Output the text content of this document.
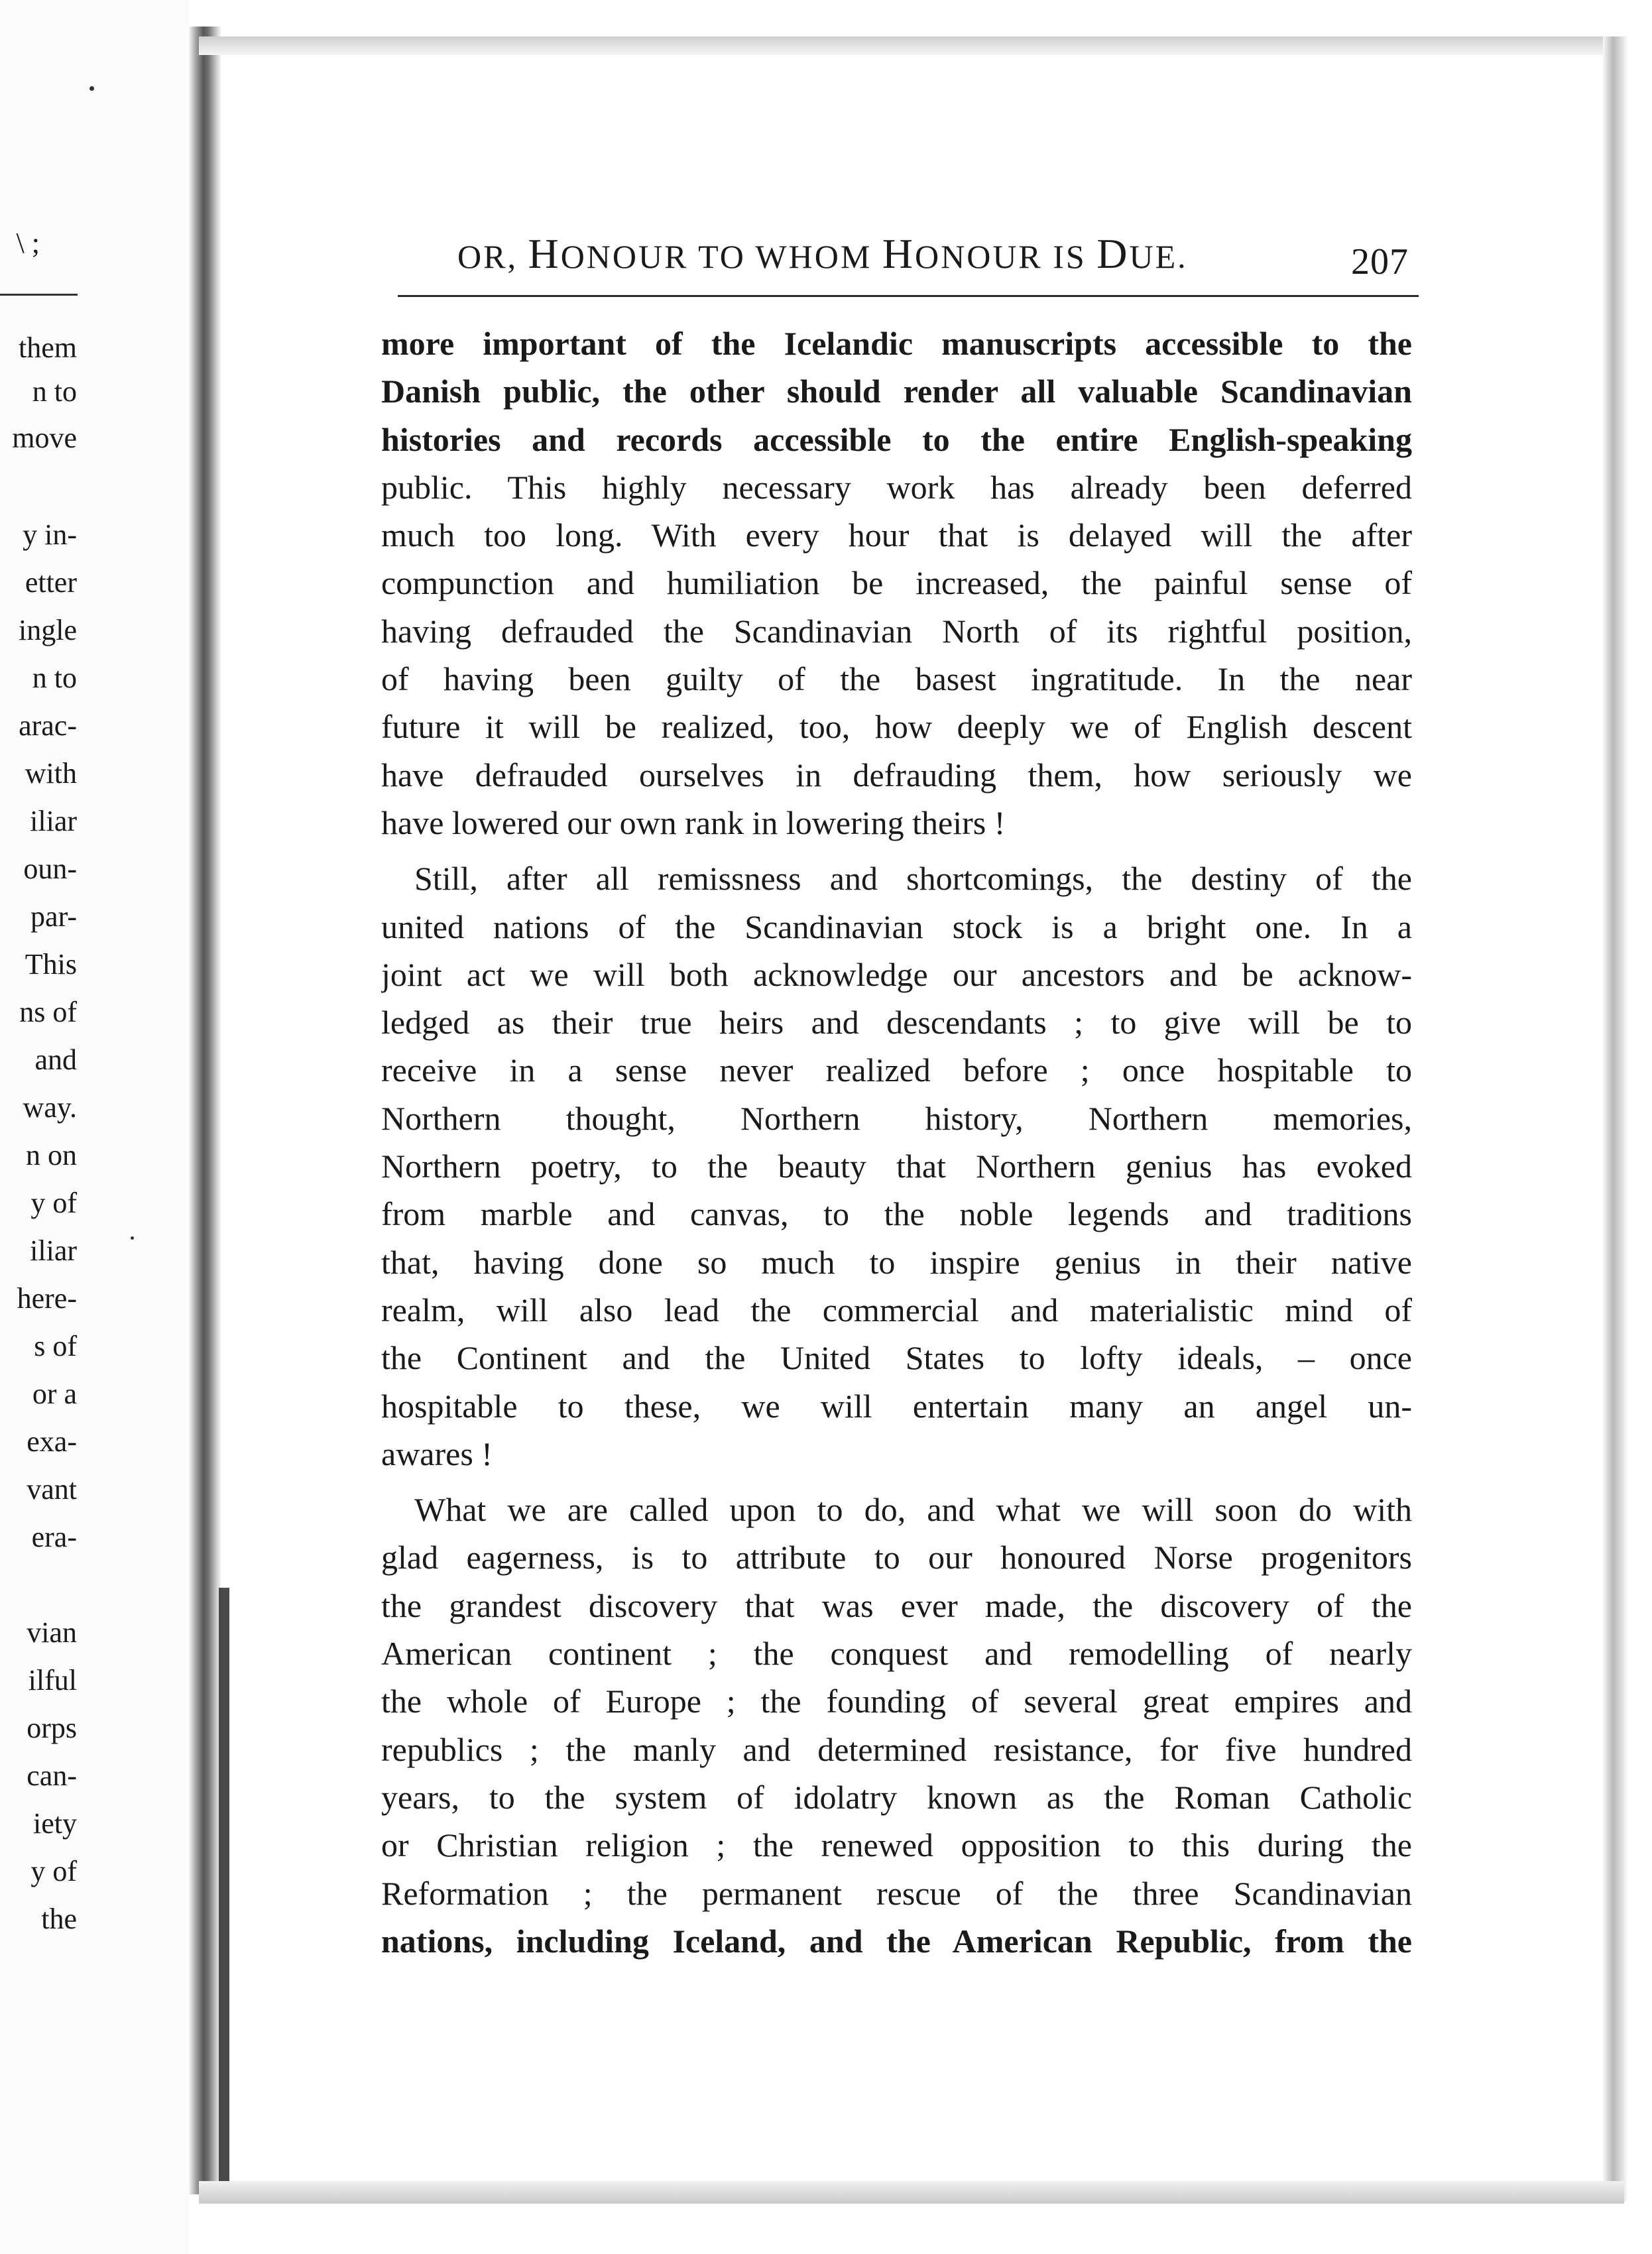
\ ;
them
n to
move
y in-
etter
ingle
n to
arac-
with
iliar
oun-
par-
This
ns of
and
way.
n on
y of
iliar
here-
s of
or a
exa-
vant
era-
vian
ilful
orps
can-
iety
y of
the
OR, HONOUR TO WHOM HONOUR IS DUE.	207
more important of the Icelandic manuscripts accessible to the
Danish public, the other should render all valuable Scandinavian
histories and records accessible to the entire English-speaking
public. This highly necessary work has already been deferred
much too long. With every hour that is delayed will the after
compunction and humiliation be increased, the painful sense of
having defrauded the Scandinavian North of its rightful position,
of having been guilty of the basest ingratitude. In the near
future it will be realized, too, how deeply we of English descent
have defrauded ourselves in defrauding them, how seriously we
have lowered our own rank in lowering theirs !
Still, after all remissness and shortcomings, the destiny of the
united nations of the Scandinavian stock is a bright one. In a
joint act we will both acknowledge our ancestors and be acknow-
ledged as their true heirs and descendants ; to give will be to
receive in a sense never realized before ; once hospitable to
Northern thought, Northern history, Northern memories,
Northern poetry, to the beauty that Northern genius has evoked
from marble and canvas, to the noble legends and traditions
that, having done so much to inspire genius in their native
realm, will also lead the commercial and materialistic mind of
the Continent and the United States to lofty ideals, – once
hospitable to these, we will entertain many an angel un-
awares !
What we are called upon to do, and what we will soon do with
glad eagerness, is to attribute to our honoured Norse progenitors
the grandest discovery that was ever made, the discovery of the
American continent ; the conquest and remodelling of nearly
the whole of Europe ; the founding of several great empires and
republics ; the manly and determined resistance, for five hundred
years, to the system of idolatry known as the Roman Catholic
or Christian religion ; the renewed opposition to this during the
Reformation ; the permanent rescue of the three Scandinavian
nations, including Iceland, and the American Republic, from the
